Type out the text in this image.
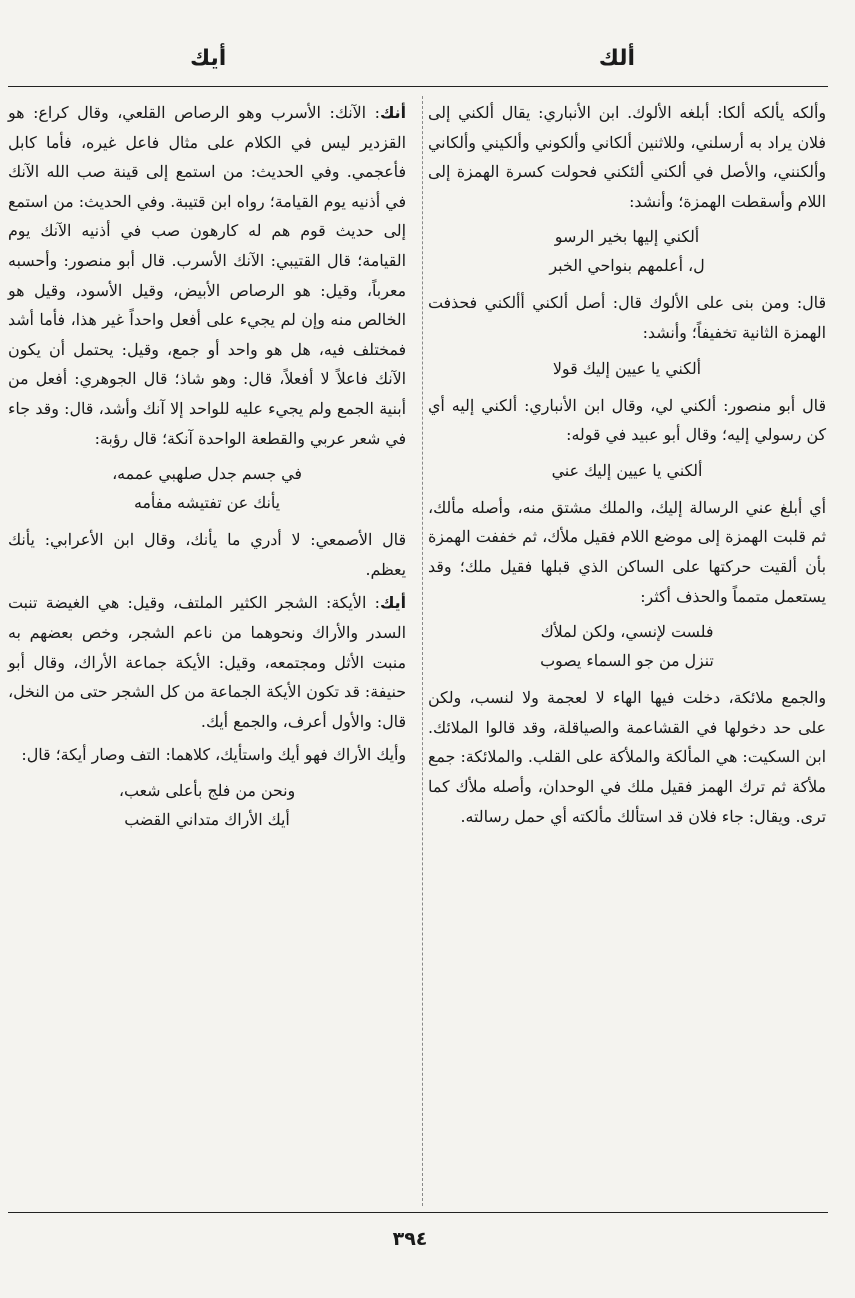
ألك
أيك

وألكه يألكه ألكا: أبلغه الألوك. ابن الأنباري: يقال ألكني إلى فلان يراد به أرسلني، وللاثنين ألكاني وألكوني وألكيني وألكاني وألكنني، والأصل في ألكني ألئكني فحولت كسرة الهمزة إلى اللام وأسقطت الهمزة؛ وأنشد:

ألكني إليها بخير الرسو
ل، أعلمهم بنواحي الخبر

قال: ومن بنى على الألوك قال: أصل ألكني أألكني فحذفت الهمزة الثانية تخفيفاً؛ وأنشد:

ألكني يا عيين إليك قولا

قال أبو منصور: ألكني لي، وقال ابن الأنباري: ألكني إليه أي كن رسولي إليه؛ وقال أبو عبيد في قوله:

ألكني يا عيين إليك عني

أي أبلغ عني الرسالة إليك، والملك مشتق منه، وأصله مألك، ثم قلبت الهمزة إلى موضع اللام فقيل ملأك، ثم خففت الهمزة بأن ألقيت حركتها على الساكن الذي قبلها فقيل ملك؛ وقد يستعمل متمماً والحذف أكثر:

فلست لإنسي، ولكن لملأك
تنزل من جو السماء يصوب

والجمع ملائكة، دخلت فيها الهاء لا لعجمة ولا لنسب، ولكن على حد دخولها في القشاعمة والصياقلة، وقد قالوا الملائك. ابن السكيت: هي المألكة والملأكة على القلب. والملائكة: جمع ملأكة ثم ترك الهمز فقيل ملك في الوحدان، وأصله ملأك كما ترى. ويقال: جاء فلان قد استألك مألكته أي حمل رسالته.

أنك: الآنك: الأسرب وهو الرصاص القلعي، وقال كراع: هو القزدير ليس في الكلام على مثال فاعل غيره، فأما كابل فأعجمي. وفي الحديث: من استمع إلى قينة صب الله الآنك في أذنيه يوم القيامة؛ رواه ابن قتيبة. وفي الحديث: من استمع إلى حديث قوم هم له كارهون صب في أذنيه الآنك يوم القيامة؛ قال القتيبي: الآنك الأسرب. قال أبو منصور: وأحسبه معرباً، وقيل: هو الرصاص الأبيض، وقيل الأسود، وقيل هو الخالص منه وإن لم يجيء على أفعل واحداً غير هذا، فأما أشد فمختلف فيه، هل هو واحد أو جمع، وقيل: يحتمل أن يكون الآنك فاعلاً لا أفعلاً، قال: وهو شاذ؛ قال الجوهري: أفعل من أبنية الجمع ولم يجيء عليه للواحد إلا آنك وأشد، قال: وقد جاء في شعر عربي والقطعة الواحدة آنكة؛ قال رؤبة:

في جسم جدل صلهبي عممه،
يأنك عن تفتيشه مفأمه

قال الأصمعي: لا أدري ما يأنك، وقال ابن الأعرابي: يأنك يعظم.

أيك: الأيكة: الشجر الكثير الملتف، وقيل: هي الغيضة تنبت السدر والأراك ونحوهما من ناعم الشجر، وخص بعضهم به منبت الأثل ومجتمعه، وقيل: الأيكة جماعة الأراك، وقال أبو حنيفة: قد تكون الأيكة الجماعة من كل الشجر حتى من النخل، قال: والأول أعرف، والجمع أيك.

وأيك الأراك فهو أيك واستأيك، كلاهما: التف وصار أيكة؛ قال:

ونحن من فلج بأعلى شعب،
أيك الأراك متداني القضب
٣٩٤
